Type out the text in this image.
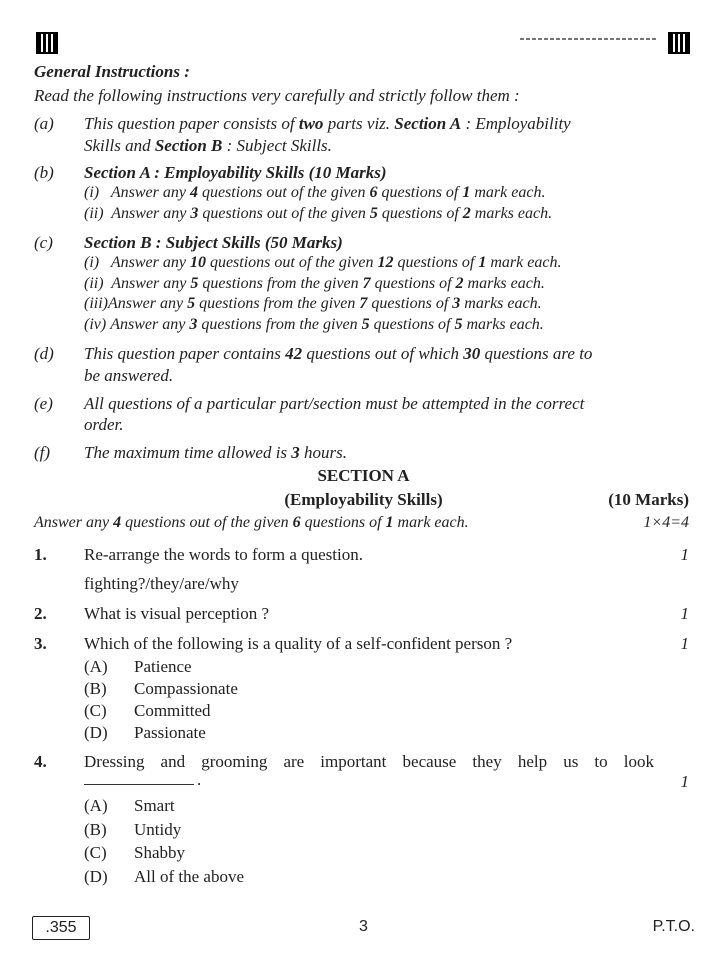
General Instructions :
Read the following instructions very carefully and strictly follow them :
(a) This question paper consists of two parts viz. Section A : Employability
Skills and Section B : Subject Skills.
(b) Section A : Employability Skills (10 Marks)
(i) Answer any 4 questions out of the given 6 questions of 1 mark each.
(ii) Answer any 3 questions out of the given 5 questions of 2 marks each.
(c) Section B : Subject Skills (50 Marks)
(i) Answer any 10 questions out of the given 12 questions of 1 mark each.
(ii) Answer any 5 questions from the given 7 questions of 2 marks each.
(iii)Answer any 5 questions from the given 7 questions of 3 marks each.
(iv) Answer any 3 questions from the given 5 questions of 5 marks each.
(d) This question paper contains 42 questions out of which 30 questions are to
be answered.
(e) All questions of a particular part/section must be attempted in the correct
order.
(f) The maximum time allowed is 3 hours.
SECTION A
(Employability Skills)	(10 Marks)
Answer any 4 questions out of the given 6 questions of 1 mark each.	1×4=4
1. Re-arrange the words to form a question.	1
fighting?/they/are/why
2. What is visual perception ?	1
3. Which of the following is a quality of a self-confident person ?	1
(A) Patience
(B) Compassionate
(C) Committed
(D) Passionate
4. Dressing and grooming are important because they help us to look
.	1
(A) Smart
(B) Untidy
(C) Shabby
(D) All of the above
.355	3	P.T.O.
